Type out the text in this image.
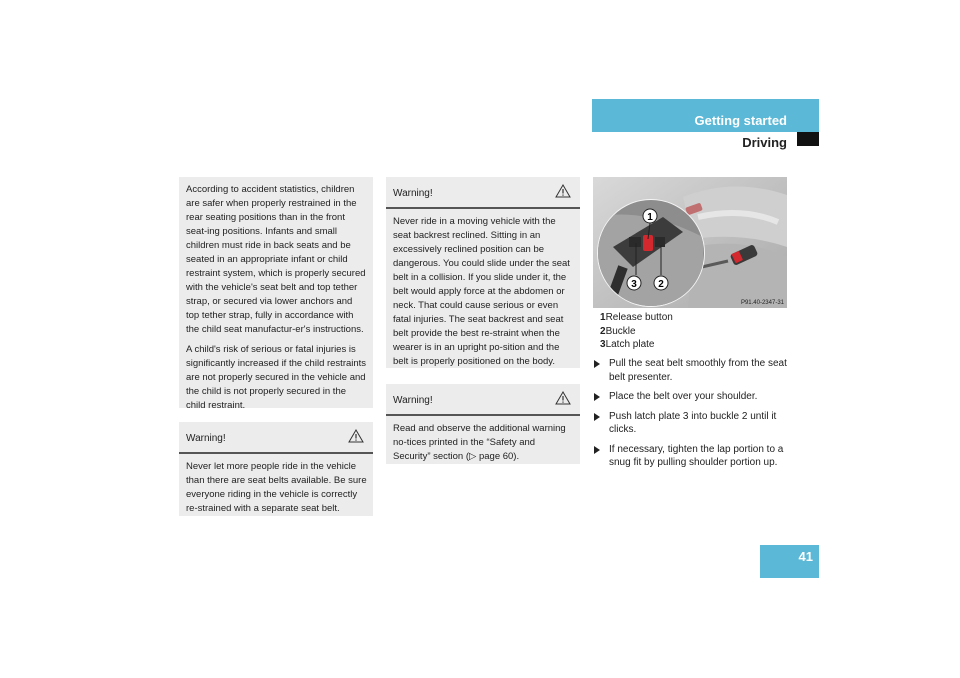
Getting started
Driving

According to accident statistics, children are safer when properly restrained in the rear seating positions than in the front seat-ing positions. Infants and small children must ride in back seats and be seated in an appropriate infant or child restraint system, which is properly secured with the vehicle's seat belt and top tether strap, or secured via lower anchors and top tether strap, fully in accordance with the child seat manufactur-er's instructions.

A child's risk of serious or fatal injuries is significantly increased if the child restraints are not properly secured in the vehicle and the child is not properly secured in the child restraint.

Warning!
Never let more people ride in the vehicle than there are seat belts available. Be sure everyone riding in the vehicle is correctly re-strained with a separate seat belt.
Warning!
Never ride in a moving vehicle with the seat backrest reclined. Sitting in an excessively reclined position can be dangerous. You could slide under the seat belt in a collision. If you slide under it, the belt would apply force at the abdomen or neck. That could cause serious or even fatal injuries. The seat backrest and seat belt provide the best re-straint when the wearer is in an upright po-sition and the belt is properly positioned on the body.
Warning!
Read and observe the additional warning no-tices printed in the “Safety and Security” section (▷ page 60).
1
3 2
P91.40-2347-31
1Release button
2Buckle
3Latch plate
Pull the seat belt smoothly from the seat belt presenter.
Place the belt over your shoulder.
Push latch plate 3 into buckle 2 until it clicks.
If necessary, tighten the lap portion to a snug fit by pulling shoulder portion up.
41
